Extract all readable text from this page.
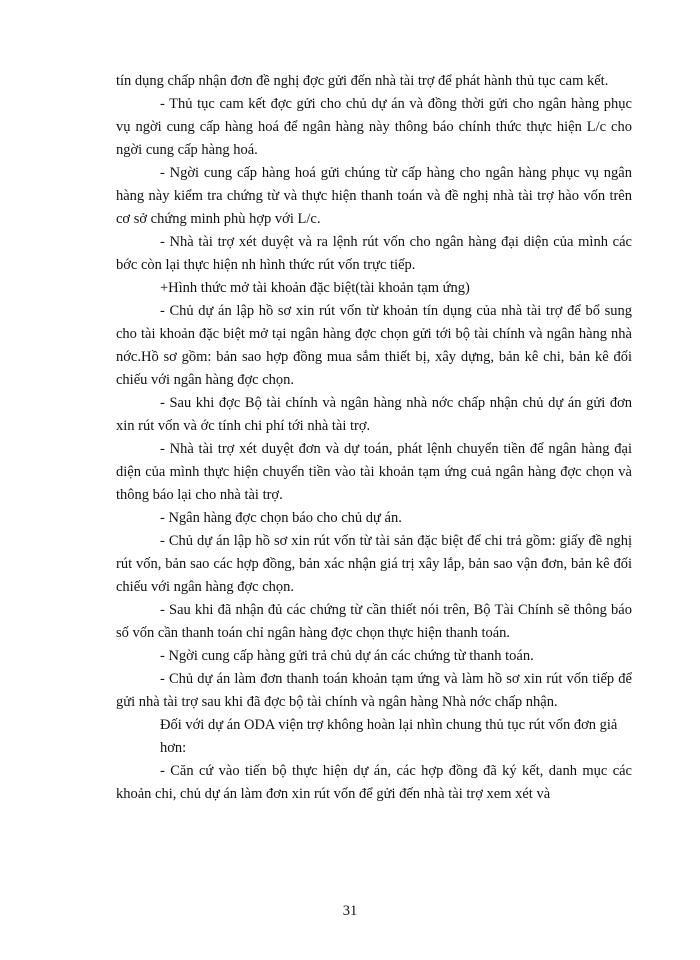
tín dụng chấp nhận đơn đề nghị đợc gửi đến nhà tài trợ để phát hành thủ tục cam kết.

- Thủ tục cam kết đợc gửi cho chủ dự án và đồng thời gửi cho ngân hàng phục vụ ngời cung cấp hàng hoá để ngân hàng này thông báo chính thức thực hiện L/c cho ngời cung cấp hàng hoá.

- Ngời cung cấp hàng hoá gửi chúng từ cấp hàng cho ngân hàng phục vụ ngân hàng này kiểm tra chứng từ và thực hiện thanh toán và đề nghị nhà tài trợ hào vốn trên cơ sở chứng minh phù hợp với L/c.

- Nhà tài trợ xét duyệt và ra lệnh rút vốn cho ngân hàng đại diện của mình các bớc còn lại thực hiện nh hình thức rút vốn trực tiếp.

+Hình thức mở tài khoản đặc biệt(tài khoản tạm ứng)

- Chủ dự án lập hồ sơ xin rút vốn từ khoản tín dụng của nhà tài trợ để bổ sung cho tài khoản đặc biệt mở tại ngân hàng đợc chọn gửi tới bộ tài chính và ngân hàng nhà nớc.Hồ sơ gồm: bản sao hợp đồng mua sắm thiết bị, xây dựng, bản kê chi, bản kê đối chiếu với ngân hàng đợc chọn.

- Sau khi đợc Bộ tài chính và ngân hàng nhà nớc chấp nhận chủ dự án gửi đơn xin rút vốn và ớc tính chi phí tới nhà tài trợ.

- Nhà tài trợ xét duyệt đơn và dự toán, phát lệnh chuyển tiền để ngân hàng đại diện của mình thực hiện chuyển tiền vào tài khoản tạm ứng cuả ngân hàng đợc chọn và thông báo lại cho nhà tài trợ.

- Ngân hàng đợc chọn báo cho chủ dự án.

- Chủ dự án lập hồ sơ xin rút vốn từ tài sản đặc biệt để chi trả gồm: giấy đề nghị rút vốn, bản sao các hợp đồng, bản xác nhận giá trị xây lắp, bản sao vận đơn, bản kê đối chiếu với ngân hàng đợc chọn.

- Sau khi đã nhận đủ các chứng từ cần thiết nói trên, Bộ Tài Chính sẽ thông báo số vốn cần thanh toán chỉ ngân hàng đợc chọn thực hiện thanh toán.

- Ngời cung cấp hàng gửi trả chủ dự án các chứng từ thanh toán.

- Chủ dự án làm đơn thanh toán khoản tạm ứng và làm hồ sơ xin rút vốn tiếp để gửi nhà tài trợ sau khi đã đợc bộ tài chính và ngân hàng Nhà nớc chấp nhận.

Đối với dự án ODA viện trợ không hoàn lại nhìn chung thủ tục rút vốn đơn giả

hơn:

- Căn cứ vào tiến bộ thực hiện dự án, các hợp đồng đã ký kết, danh mục các khoản chi, chủ dự án làm đơn xin rút vốn để gửi đến nhà tài trợ xem xét và

31
